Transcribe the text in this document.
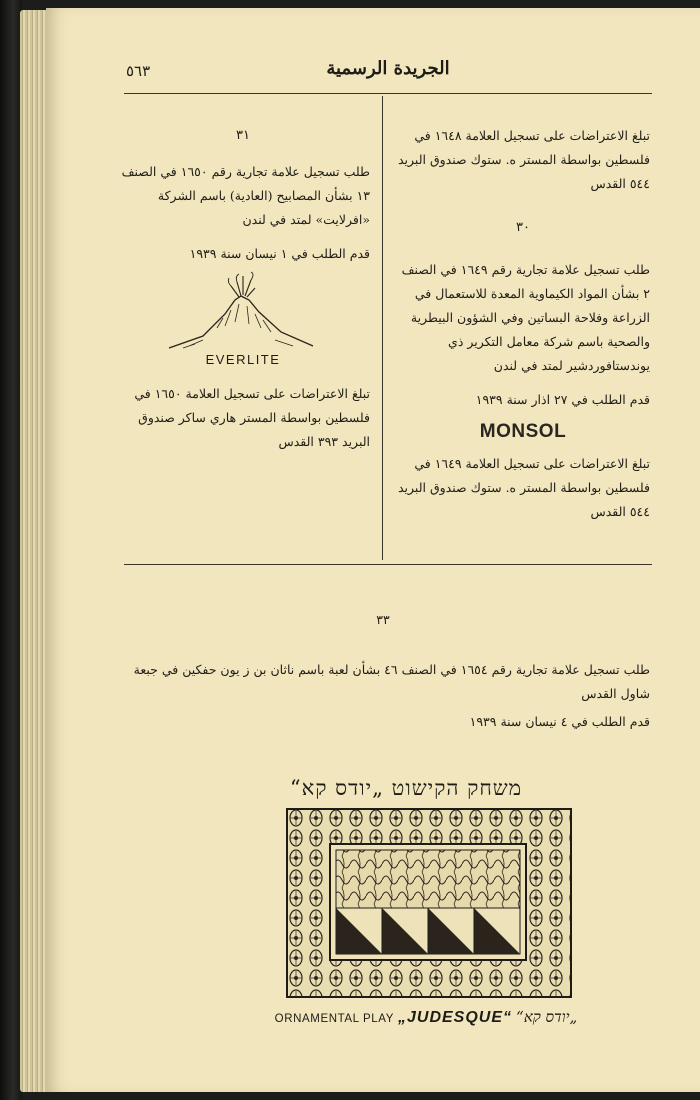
٥٦٣	الجريدة الرسمية

تبلغ الاعتراضات على تسجيل العلامة ١٦٤٨ في فلسطين بواسطة المستر ه. ستوك صندوق البريد ٥٤٤ القدس

٣٠

طلب تسجيل علامة تجارية رقم ١٦٤٩ في الصنف ٢ بشأن المواد الكيماوية المعدة للاستعمال في الزراعة وفلاحة البساتين وفي الشؤون البيطرية والصحية باسم شركة معامل التكرير ذي يوندستافوردشير لمتد في لندن

قدم الطلب في ٢٧ اذار سنة ١٩٣٩

MONSOL

تبلغ الاعتراضات على تسجيل العلامة ١٦٤٩ في فلسطين بواسطة المستر ه. ستوك صندوق البريد ٥٤٤ القدس

٣١

طلب تسجيل علامة تجارية رقم ١٦٥٠ في الصنف ١٣ بشأن المصابيح (العادية) باسم الشركة «افرلايت» لمتد في لندن

قدم الطلب في ١ نيسان سنة ١٩٣٩

EVERLITE

تبلغ الاعتراضات على تسجيل العلامة ١٦٥٠ في فلسطين بواسطة المستر هاري ساكر صندوق البريد ٣٩٣ القدس

٣٣
طلب تسجيل علامة تجارية رقم ١٦٥٤ في الصنف ٤٦ بشأن لعبة باسم ناثان بن ز يون حفكين في جبعة شاول القدس
قدم الطلب في ٤ نيسان سنة ١٩٣٩
משחק הקישוט „יודס קא“
ORNAMENTAL PLAY „JUDESQUE“ „יודס קא“
